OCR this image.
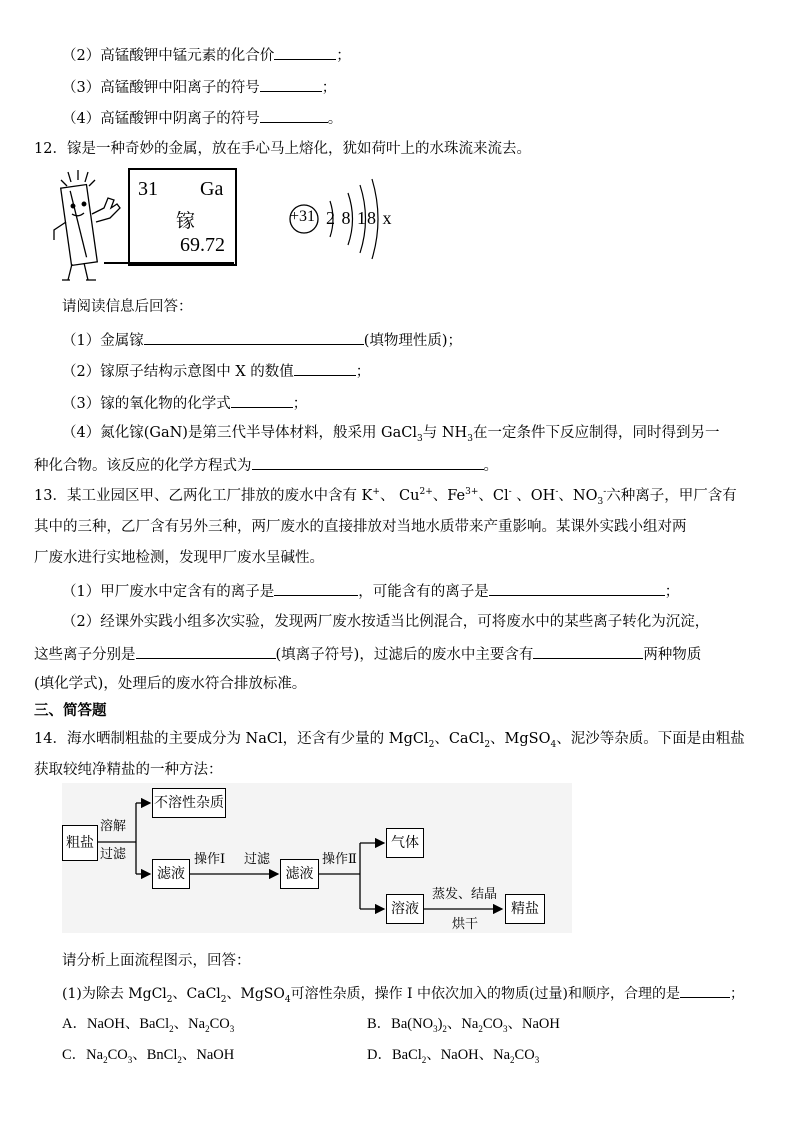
（2）高锰酸钾中锰元素的化合价	；
（3）高锰酸钾中阳离子的符号	；
（4）高锰酸钾中阴离子的符号	。
12．镓是一种奇妙的金属，放在手心马上熔化，犹如荷叶上的水珠流来流去。
31 Ga
镓
69.72
+31 2 8 18 x
请阅读信息后回答：
（1）金属镓	(填物理性质)；
（2）镓原子结构示意图中 X 的数值	；
（3）镓的氧化物的化学式	；
（4）氮化镓(GaN)是第三代半导体材料，般采用 GaCl$_3$与 $NH_3$在一定条件下反应制得，同时得到另一
种化合物。该反应的化学方程式为	。
13．某工业园区甲、乙两化工厂排放的废水中含有 K+、 $Cu^{2+}$、$Fe^{3+}$、Cl- 、OH-、$NO_3^-$六种离子，甲厂含有
其中的三种，乙厂含有另外三种，两厂废水的直接排放对当地水质带来产重影响。某课外实践小组对两
厂废水进行实地检测，发现甲厂废水呈碱性。
（1）甲厂废水中定含有的离子是	，可能含有的离子是	；
（2）经课外实践小组多次实验，发现两厂废水按适当比例混合，可将废水中的某些离子转化为沉淀，
这些离子分别是	(填离子符号)，过滤后的废水中主要含有	两种物质
(填化学式)，处理后的废水符合排放标准。
三、简答题
14．海水晒制粗盐的主要成分为 NaCl，还含有少量的 MgCl$_2$、CaCl$_2$、MgSO$_4$、泥沙等杂质。下面是由粗盐
获取较纯净精盐的一种方法：
粗盐
溶解
过滤
不溶性杂质
滤液
操作Ⅰ 过滤
滤液
操作Ⅱ
气体
溶液
蒸发、结晶
烘干
精盐
请分析上面流程图示，回答：
(1)为除去 MgCl$_2$、CaCl$_2$、MgSO$_4$可溶性杂质，操作 I 中依次加入的物质(过量)和顺序，合理的是	；
A．NaOH、BaCl$_2$、$Na_2CO_3$	B．$Ba(NO_3)_2$、$Na_2CO_3$、NaOH
C．$Na_2CO_3$、BnCl$_2$、NaOH	D．BaCl$_2$、NaOH、$Na_2CO_3$
